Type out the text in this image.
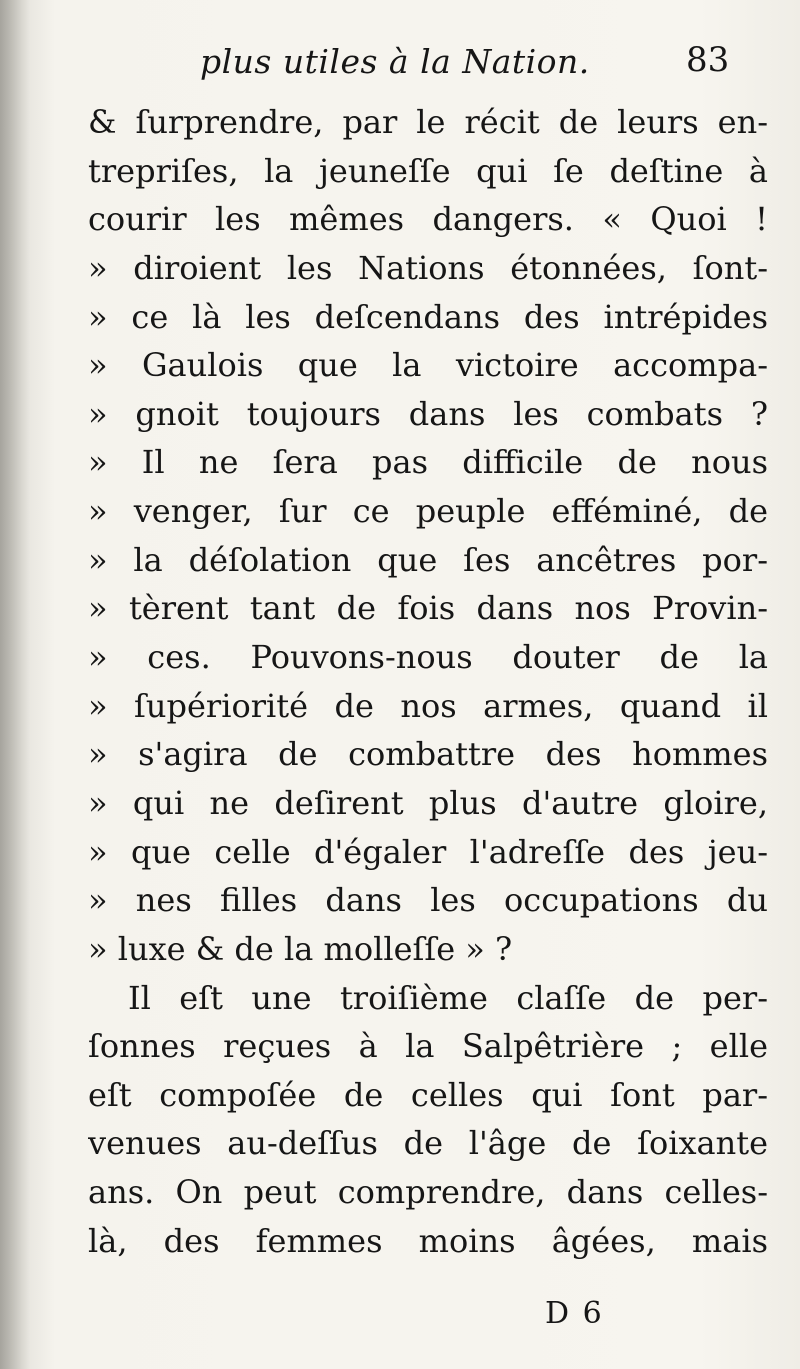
plus utiles à la Nation.	83
& ſurprendre, par le récit de leurs en-
trepriſes, la jeuneſſe qui ſe deſtine à
courir les mêmes dangers. « Quoi !
» diroient les Nations étonnées, ſont-
» ce là les deſcendans des intrépides
» Gaulois que la victoire accompa-
» gnoit toujours dans les combats ?
» Il ne ſera pas difficile de nous
» venger, ſur ce peuple efféminé, de
» la déſolation que ſes ancêtres por-
» tèrent tant de fois dans nos Provin-
» ces. Pouvons-nous douter de la
» ſupériorité de nos armes, quand il
» s'agira de combattre des hommes
» qui ne deſirent plus d'autre gloire,
» que celle d'égaler l'adreſſe des jeu-
» nes filles dans les occupations du
» luxe & de la molleſſe » ?
Il eſt une troiſième claſſe de per-
ſonnes reçues à la Salpêtrière ; elle
eſt compoſée de celles qui ſont par-
venues au-deſſus de l'âge de ſoixante
ans. On peut comprendre, dans celles-
là, des femmes moins âgées, mais
D 6
